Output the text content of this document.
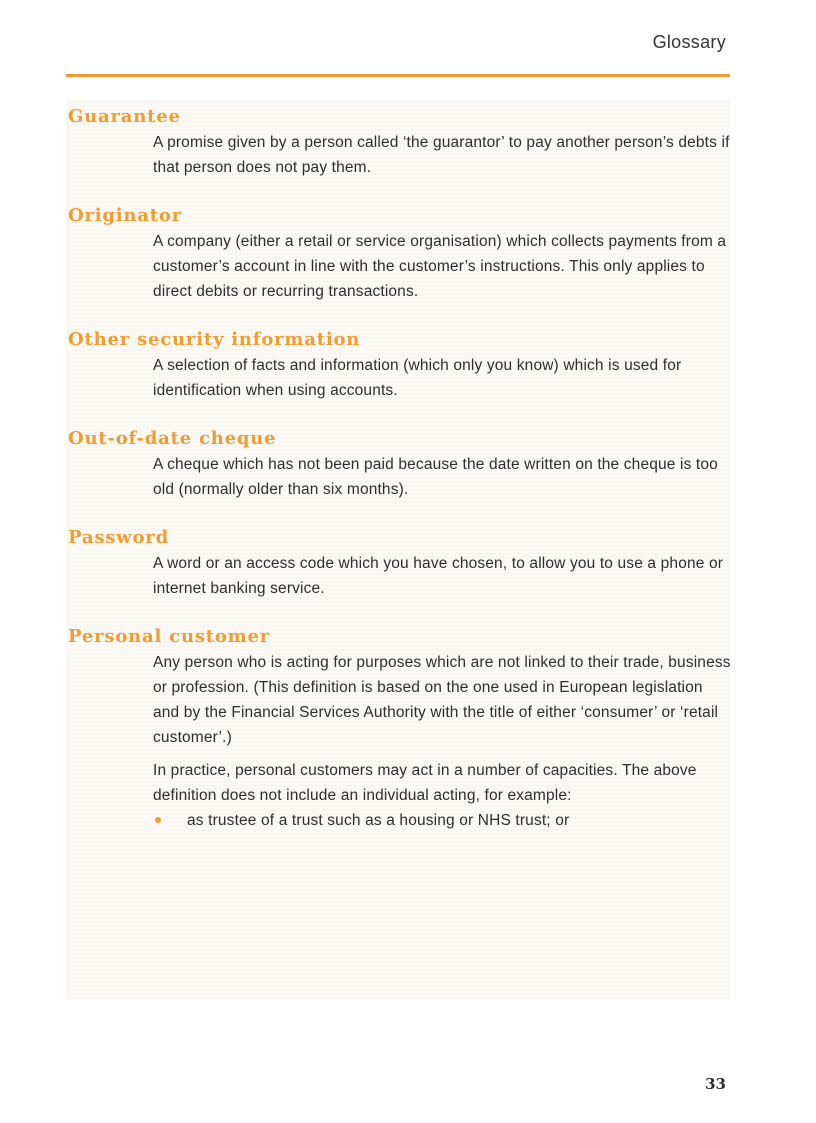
Glossary
Guarantee

A promise given by a person called ‘the guarantor’ to pay another person’s debts if that person does not pay them.

Originator

A company (either a retail or service organisation) which collects payments from a customer’s account in line with the customer’s instructions. This only applies to direct debits or recurring transactions.

Other security information

A selection of facts and information (which only you know) which is used for identification when using accounts.

Out-of-date cheque

A cheque which has not been paid because the date written on the cheque is too old (normally older than six months).

Password

A word or an access code which you have chosen, to allow you to use a phone or internet banking service.

Personal customer

Any person who is acting for purposes which are not linked to their trade, business or profession. (This definition is based on the one used in European legislation and by the Financial Services Authority with the title of either ‘consumer’ or ‘retail customer’.)

In practice, personal customers may act in a number of capacities. The above definition does not include an individual acting, for example:

as trustee of a trust such as a housing or NHS trust; or
33
